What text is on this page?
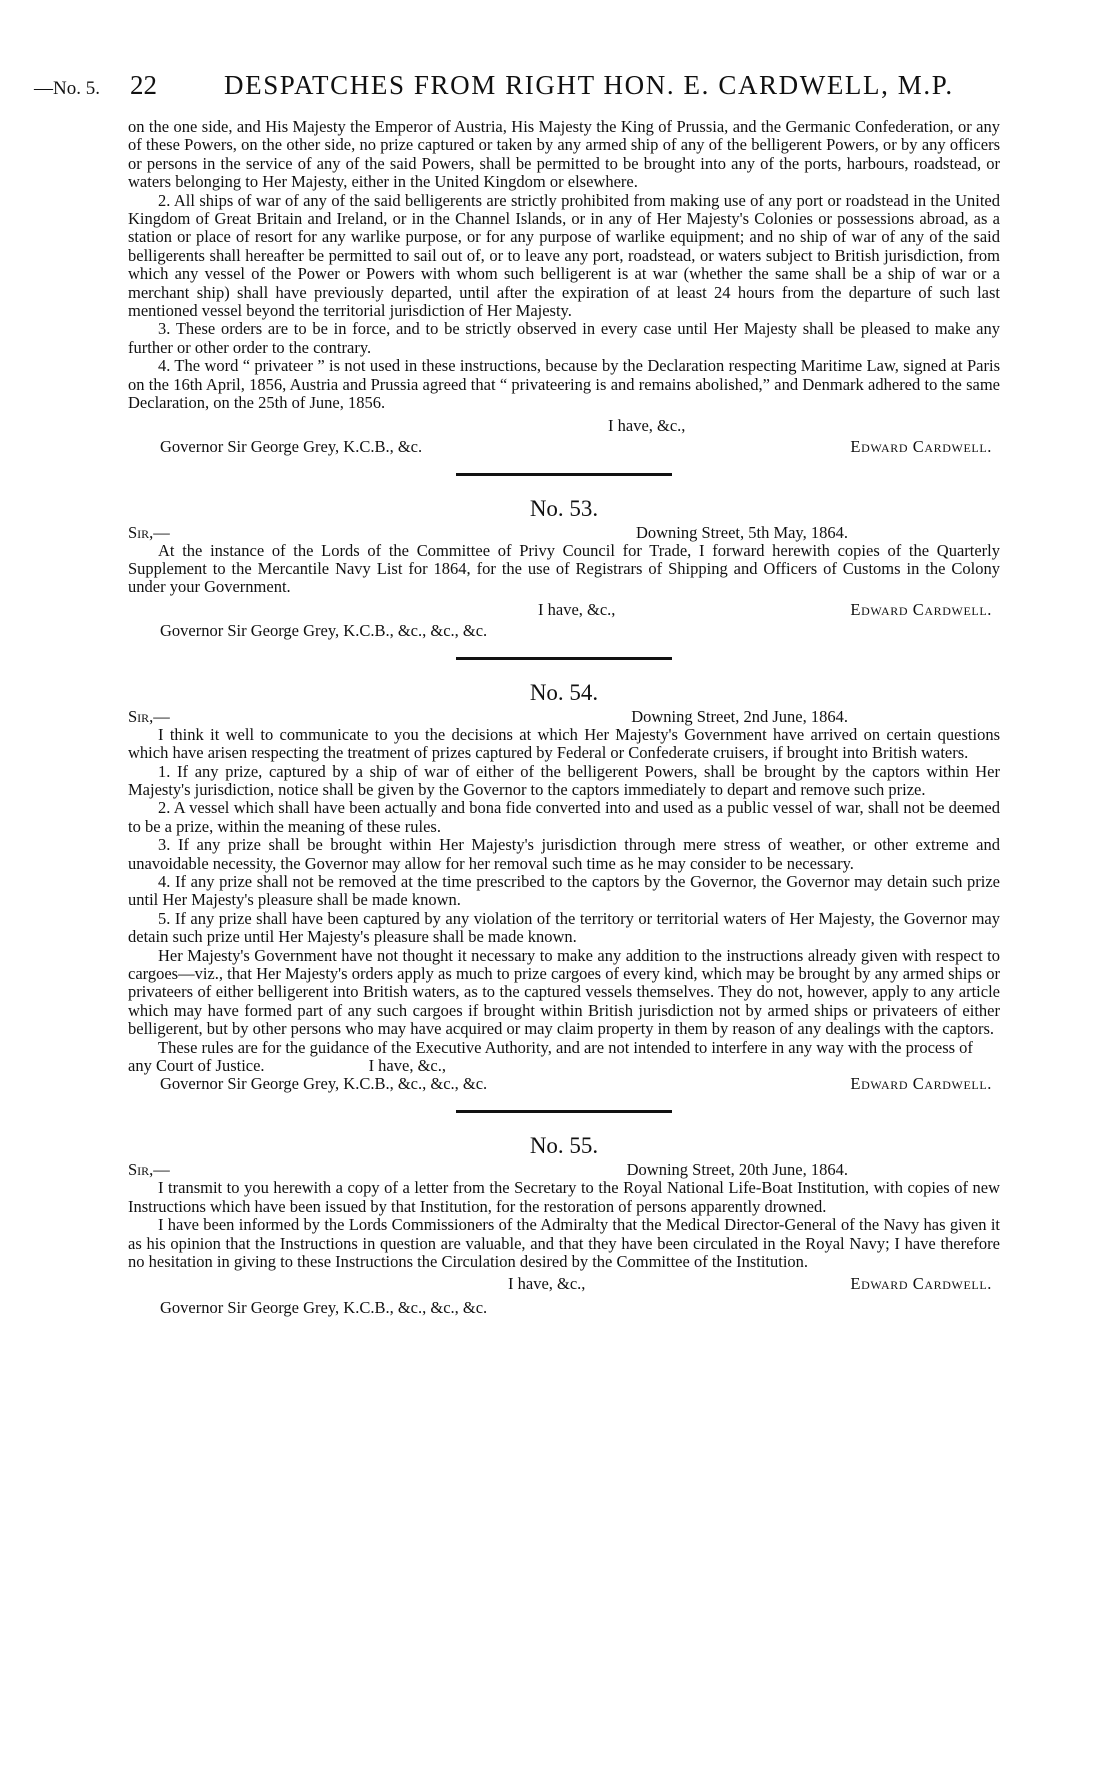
—No. 5. 22 DESPATCHES FROM RIGHT HON. E. CARDWELL, M.P.

on the one side, and His Majesty the Emperor of Austria, His Majesty the King of Prussia, and the Germanic Confederation, or any of these Powers, on the other side, no prize captured or taken by any armed ship of any of the belligerent Powers, or by any officers or persons in the service of any of the said Powers, shall be permitted to be brought into any of the ports, harbours, roadstead, or waters belonging to Her Majesty, either in the United Kingdom or elsewhere.

2. All ships of war of any of the said belligerents are strictly prohibited from making use of any port or roadstead in the United Kingdom of Great Britain and Ireland, or in the Channel Islands, or in any of Her Majesty's Colonies or possessions abroad, as a station or place of resort for any warlike purpose, or for any purpose of warlike equipment; and no ship of war of any of the said belligerents shall hereafter be permitted to sail out of, or to leave any port, roadstead, or waters subject to British jurisdiction, from which any vessel of the Power or Powers with whom such belligerent is at war (whether the same shall be a ship of war or a merchant ship) shall have previously departed, until after the expiration of at least 24 hours from the departure of such last mentioned vessel beyond the territorial jurisdiction of Her Majesty.

3. These orders are to be in force, and to be strictly observed in every case until Her Majesty shall be pleased to make any further or other order to the contrary.

4. The word “ privateer ” is not used in these instructions, because by the Declaration respecting Maritime Law, signed at Paris on the 16th April, 1856, Austria and Prussia agreed that “ privateering is and remains abolished,” and Denmark adhered to the same Declaration, on the 25th of June, 1856.

I have, &c.,
Governor Sir George Grey, K.C.B., &c.	Edward Cardwell.
No. 53.
Sir,—	Downing Street, 5th May, 1864.

At the instance of the Lords of the Committee of Privy Council for Trade, I forward herewith copies of the Quarterly Supplement to the Mercantile Navy List for 1864, for the use of Registrars of Shipping and Officers of Customs in the Colony under your Government.

I have, &c.,	Edward Cardwell.
Governor Sir George Grey, K.C.B., &c., &c., &c.
No. 54.
Sir,—	Downing Street, 2nd June, 1864.

I think it well to communicate to you the decisions at which Her Majesty's Government have arrived on certain questions which have arisen respecting the treatment of prizes captured by Federal or Confederate cruisers, if brought into British waters.

1. If any prize, captured by a ship of war of either of the belligerent Powers, shall be brought by the captors within Her Majesty's jurisdiction, notice shall be given by the Governor to the captors immediately to depart and remove such prize.

2. A vessel which shall have been actually and bona fide converted into and used as a public vessel of war, shall not be deemed to be a prize, within the meaning of these rules.

3. If any prize shall be brought within Her Majesty's jurisdiction through mere stress of weather, or other extreme and unavoidable necessity, the Governor may allow for her removal such time as he may consider to be necessary.

4. If any prize shall not be removed at the time prescribed to the captors by the Governor, the Governor may detain such prize until Her Majesty's pleasure shall be made known.

5. If any prize shall have been captured by any violation of the territory or territorial waters of Her Majesty, the Governor may detain such prize until Her Majesty's pleasure shall be made known.

Her Majesty's Government have not thought it necessary to make any addition to the instructions already given with respect to cargoes—viz., that Her Majesty's orders apply as much to prize cargoes of every kind, which may be brought by any armed ships or privateers of either belligerent into British waters, as to the captured vessels themselves. They do not, however, apply to any article which may have formed part of any such cargoes if brought within British jurisdiction not by armed ships or privateers of either belligerent, but by other persons who may have acquired or may claim property in them by reason of any dealings with the captors.

These rules are for the guidance of the Executive Authority, and are not intended to interfere in any way with the process of any Court of Justice.	I have, &c.,

Governor Sir George Grey, K.C.B., &c., &c., &c.	Edward Cardwell.
No. 55.
Sir,—	Downing Street, 20th June, 1864.

I transmit to you herewith a copy of a letter from the Secretary to the Royal National Life-Boat Institution, with copies of new Instructions which have been issued by that Institution, for the restoration of persons apparently drowned.

I have been informed by the Lords Commissioners of the Admiralty that the Medical Director-General of the Navy has given it as his opinion that the Instructions in question are valuable, and that they have been circulated in the Royal Navy; I have therefore no hesitation in giving to these Instructions the Circulation desired by the Committee of the Institution.

I have, &c.,	Edward Cardwell.
Governor Sir George Grey, K.C.B., &c., &c., &c.
